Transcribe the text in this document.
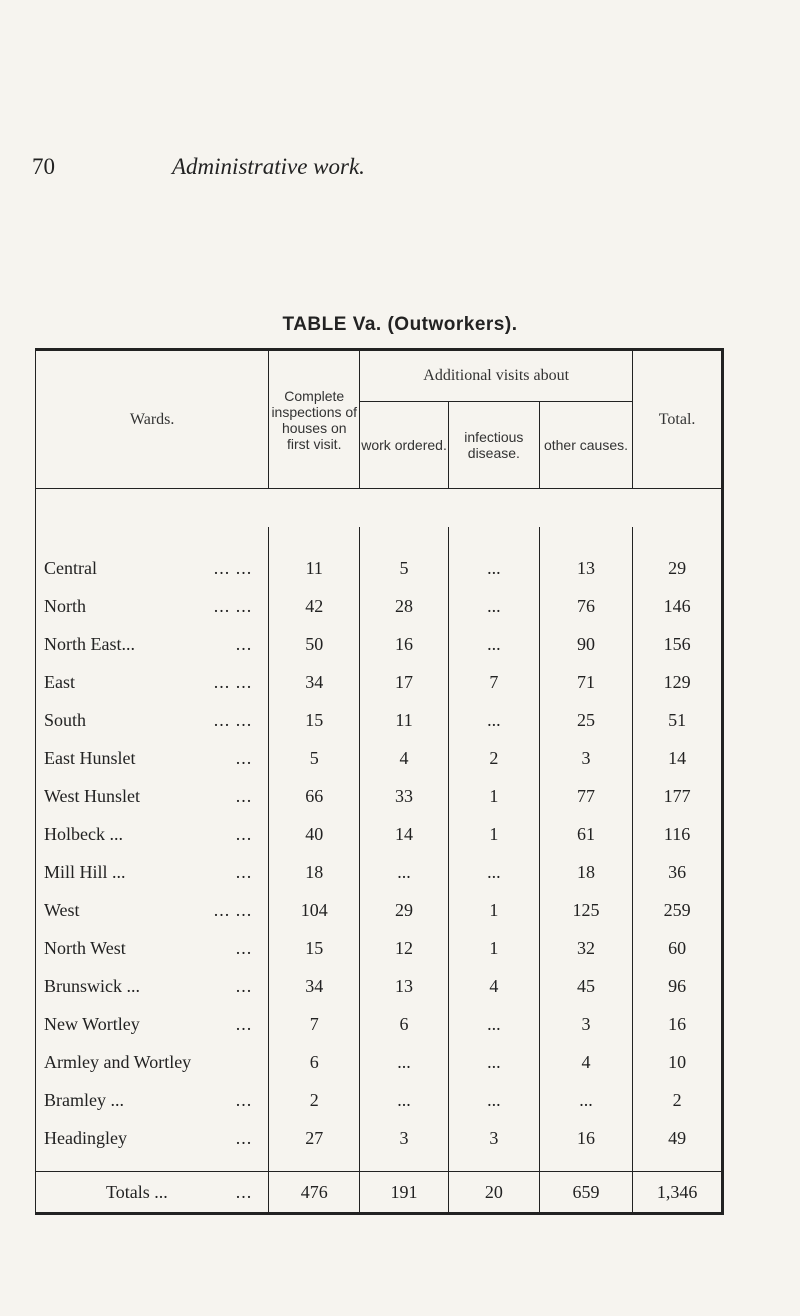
70	Administrative work.
TABLE Va. (Outworkers).
Wards.	Complete inspections of houses on first visit.	Additional visits about			Total.
		work ordered.	infectious disease.	other causes.	

Central ... ...	11	5	...	13	29
North ... ...	42	28	...	76	146
North East... ...	50	16	...	90	156
East ... ...	34	17	7	71	129
South ... ...	15	11	...	25	51
East Hunslet ...	5	4	2	3	14
West Hunslet ...	66	33	1	77	177
Holbeck ... ...	40	14	1	61	116
Mill Hill ... ...	18	...	...	18	36
West ... ...	104	29	1	125	259
North West ...	15	12	1	32	60
Brunswick ... ...	34	13	4	45	96
New Wortley ...	7	6	...	3	16
Armley and Wortley	6	...	...	4	10
Bramley ... ...	2	...	...	...	2
Headingley ...	27	3	3	16	49

Totals ... ...	476	191	20	659	1,346
